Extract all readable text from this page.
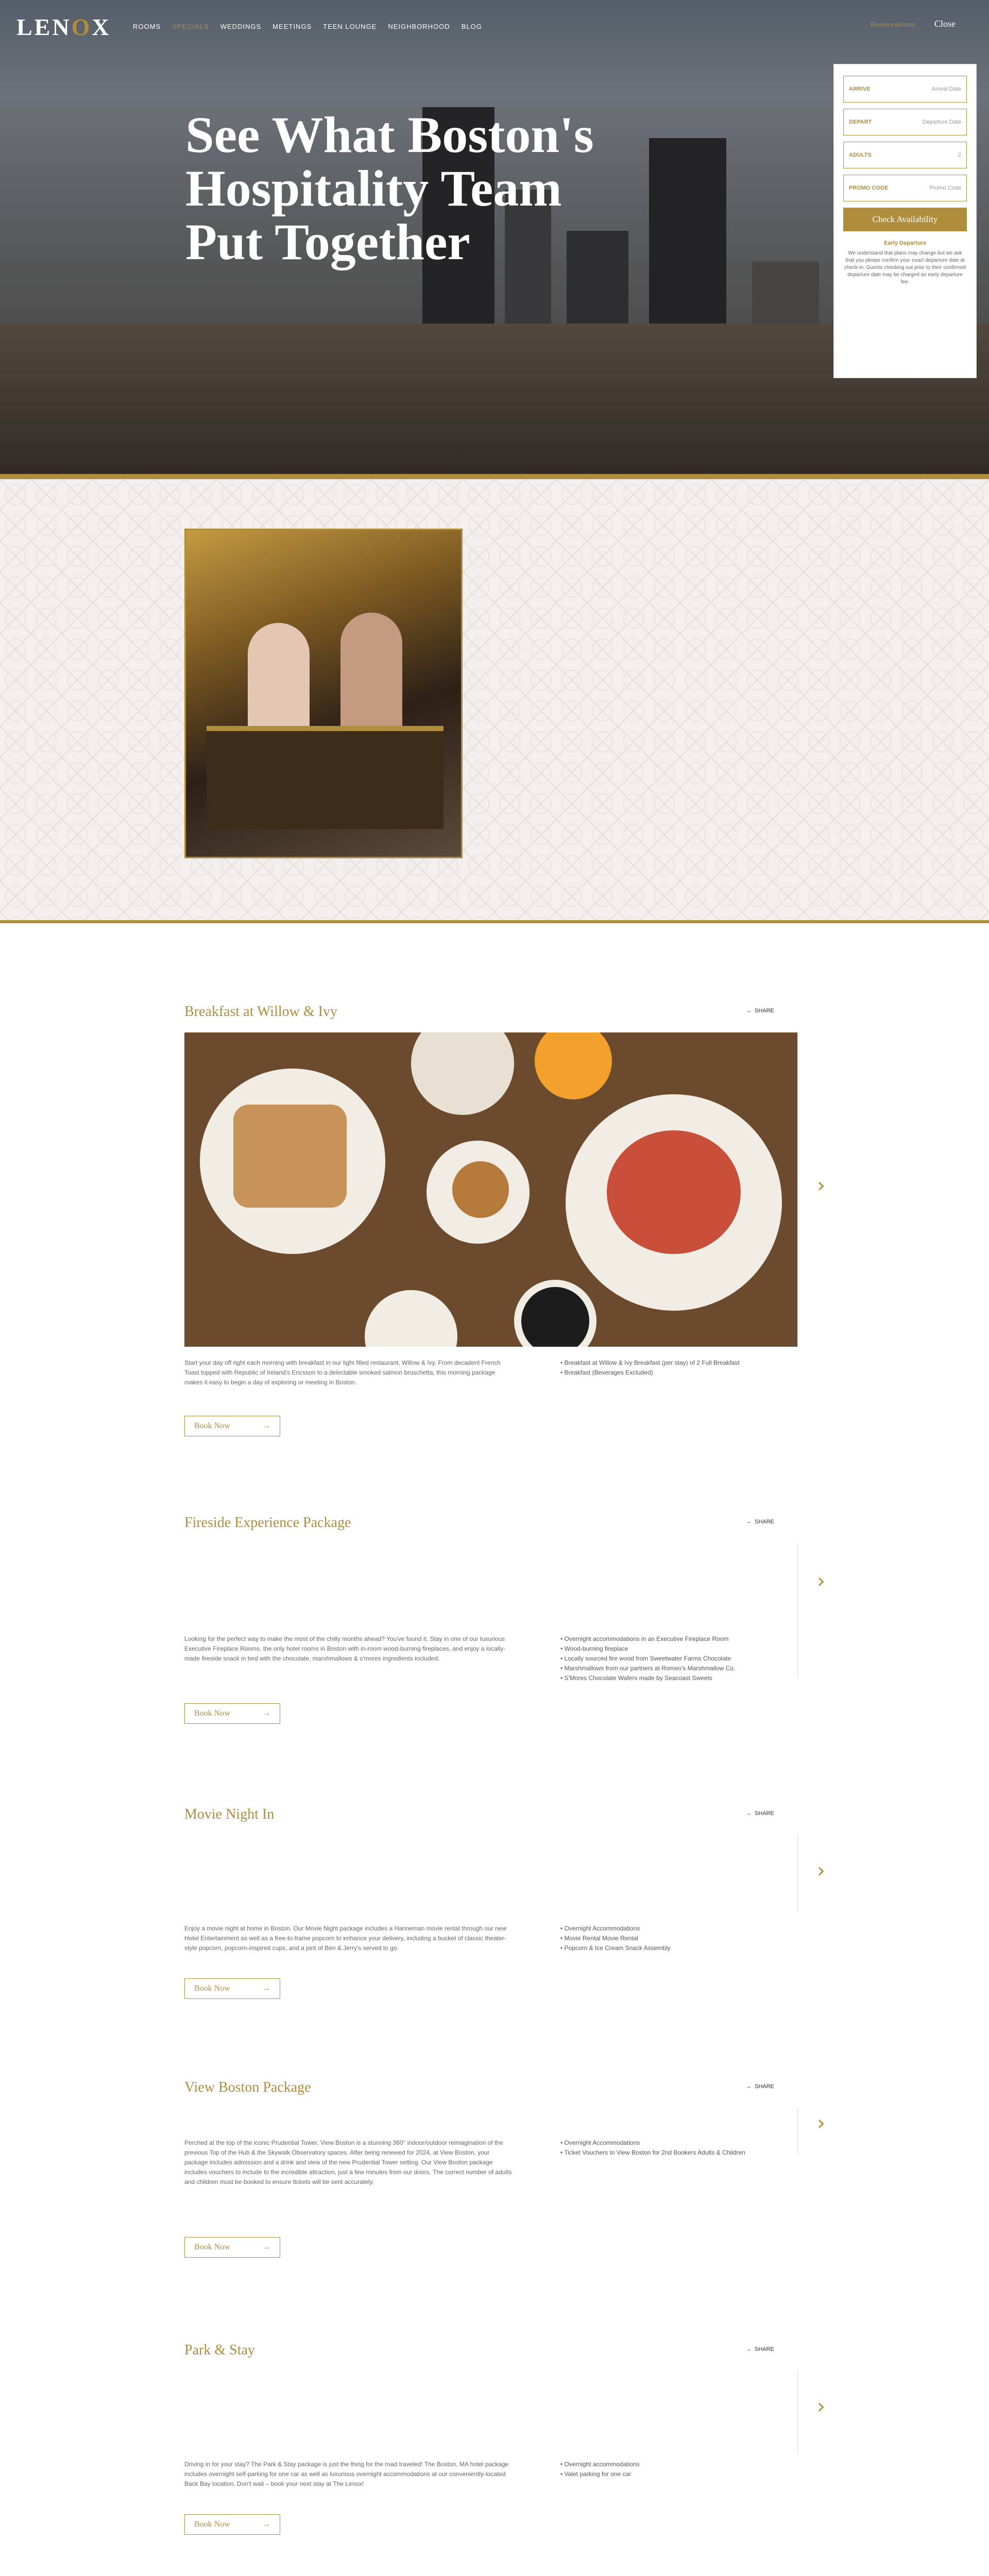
LENOX	ROOMS SPECIALS WEDDINGS MEETINGS TEEN LOUNGE NEIGHBORHOOD BLOG	Reservations Close
See What Boston's Hospitality Team Put Together
ARRIVE	Arrival Date
DEPART	Departure Date
ADULTS	2
PROMO CODE	Promo Code
Check Availability
Early Departure
We understand that plans may change but we ask that you please confirm your exact departure date at check-in. Guests checking out prior to their confirmed departure date may be charged an early departure fee.
Breakfast at Willow & Ivy	→ SHARE
›

Start your day off right each morning with breakfast in our light filled restaurant, Willow & Ivy. From decadent French Toast topped with Republic of Ireland's Ericsson to a delectable smoked salmon bruschetta, this morning package makes it easy to begin a day of exploring or meeting in Boston.

• Breakfast at Willow & Ivy Breakfast (per stay) of 2 Full Breakfast
• Breakfast (Beverages Excluded)
Book Now	→
Fireside Experience Package	→ SHARE
›

Looking for the perfect way to make the most of the chilly months ahead? You've found it. Stay in one of our luxurious Executive Fireplace Rooms, the only hotel rooms in Boston with in-room wood-burning fireplaces, and enjoy a locally-made fireside snack in bed with the chocolate, marshmallows & s'mores ingredients included.

• Overnight accommodations in an Executive Fireplace Room
• Wood-burning fireplace
• Locally sourced fire wood from Sweetwater Farms Chocolate
• Marshmallows from our partners at Romeo's Marshmallow Co.
• S'Mores Chocolate Wafers made by Seacoast Sweets
Book Now	→
Movie Night In	→ SHARE
›

Enjoy a movie night at home in Boston. Our Movie Night package includes a Hanneman movie rental through our new Hotel Entertainment as well as a free-to-frame popcorn to enhance your delivery, including a bucket of classic theater-style popcorn, popcorn-inspired cups, and a pint of Ben & Jerry's served to go.

• Overnight Accommodations
• Movie Rental Movie Rental
• Popcorn & Ice Cream Snack Assembly
Book Now	→
View Boston Package	→ SHARE
›

Perched at the top of the iconic Prudential Tower, View Boston is a stunning 360° indoor/outdoor reimagination of the previous Top of the Hub & the Skywalk Observatory spaces. After being renewed for 2024, at View Boston, your package includes admission and a drink and view of the new Prudential Tower setting. Our View Boston package includes vouchers to include to the incredible attraction, just a few minutes from our doors. The correct number of adults and children must be booked to ensure tickets will be sent accurately.

• Overnight Accommodations
• Ticket Vouchers to View Boston for 2nd Bookers Adults & Children
Book Now	→
Park & Stay	→ SHARE
›

Driving in for your stay? The Park & Stay package is just the thing for the road traveled! The Boston, MA hotel package includes overnight self-parking for one car as well as luxurious overnight accommodations at our conveniently-located Back Bay location. Don't wait – book your next stay at The Lenox!

• Overnight accommodations
• Valet parking for one car
Book Now	→
